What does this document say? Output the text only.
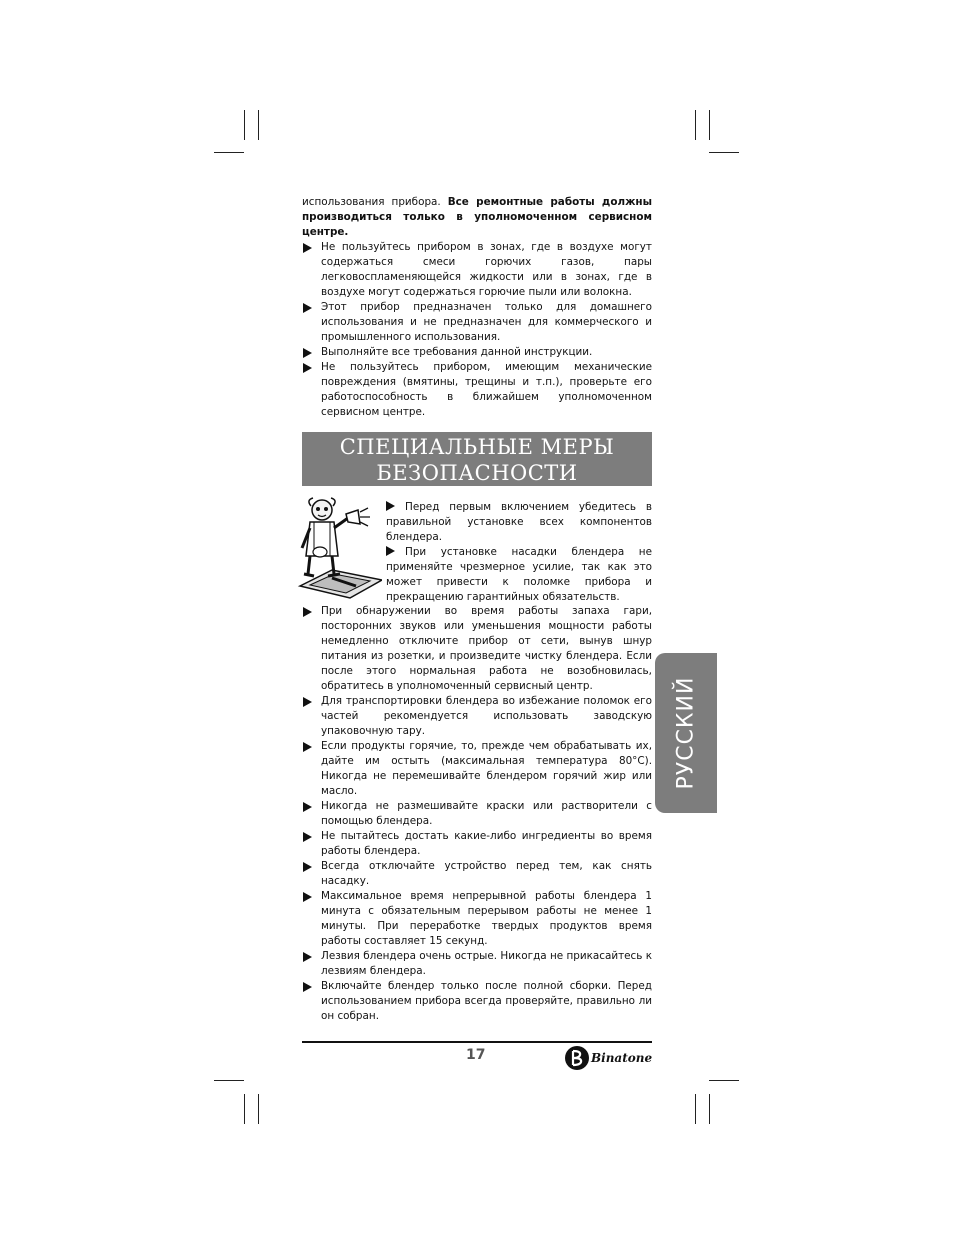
использования прибора. Все ремонтные работы должны производиться только в уполномоченном сервисном центре.
Не пользуйтесь прибором в зонах, где в воздухе могут содержаться смеси горючих газов, пары легковоспламеняющейся жидкости или в зонах, где в воздухе могут содержаться горючие пыли или волокна.
Этот прибор предназначен только для домашнего использования и не предназначен для коммерческого и промышленного использования.
Выполняйте все требования данной инструкции.
Не пользуйтесь прибором, имеющим механические повреждения (вмятины, трещины и т.п.), проверьте его работоспособность в ближайшем уполномоченном сервисном центре.
СПЕЦИАЛЬНЫЕ МЕРЫ
БЕЗОПАСНОСТИ
Перед первым включением убедитесь в правильной установке всех компонентов блендера.
При установке насадки блендера не применяйте чрезмерное усилие, так как это может привести к поломке прибора и прекращению гарантийных обязательств.
При обнаружении во время работы запаха гари, посторонних звуков или уменьшения мощности работы немедленно отключите прибор от сети, вынув шнур питания из розетки, и произведите чистку блендера. Если после этого нормальная работа не возобновилась, обратитесь в уполномоченный сервисный центр.
Для транспортировки блендера во избежание поломок его частей рекомендуется использовать заводскую упаковочную тару.
Если продукты горячие, то, прежде чем обрабатывать их, дайте им остыть (максимальная температура 80°С). Никогда не перемешивайте блендером горячий жир или масло.
Никогда не размешивайте краски или растворители с помощью блендера.
Не пытайтесь достать какие-либо ингредиенты во время работы блендера.
Всегда отключайте устройство перед тем, как снять насадку.
Максимальное время непрерывной работы блендера 1 минута с обязательным перерывом работы не менее 1 минуты. При переработке твердых продуктов время работы составляет 15 секунд.
Лезвия блендера очень острые. Никогда не прикасайтесь к лезвиям блендера.
Включайте блендер только после полной сборки. Перед использованием прибора всегда проверяйте, правильно ли он собран.
РУССКИЙ
17	Binatone
